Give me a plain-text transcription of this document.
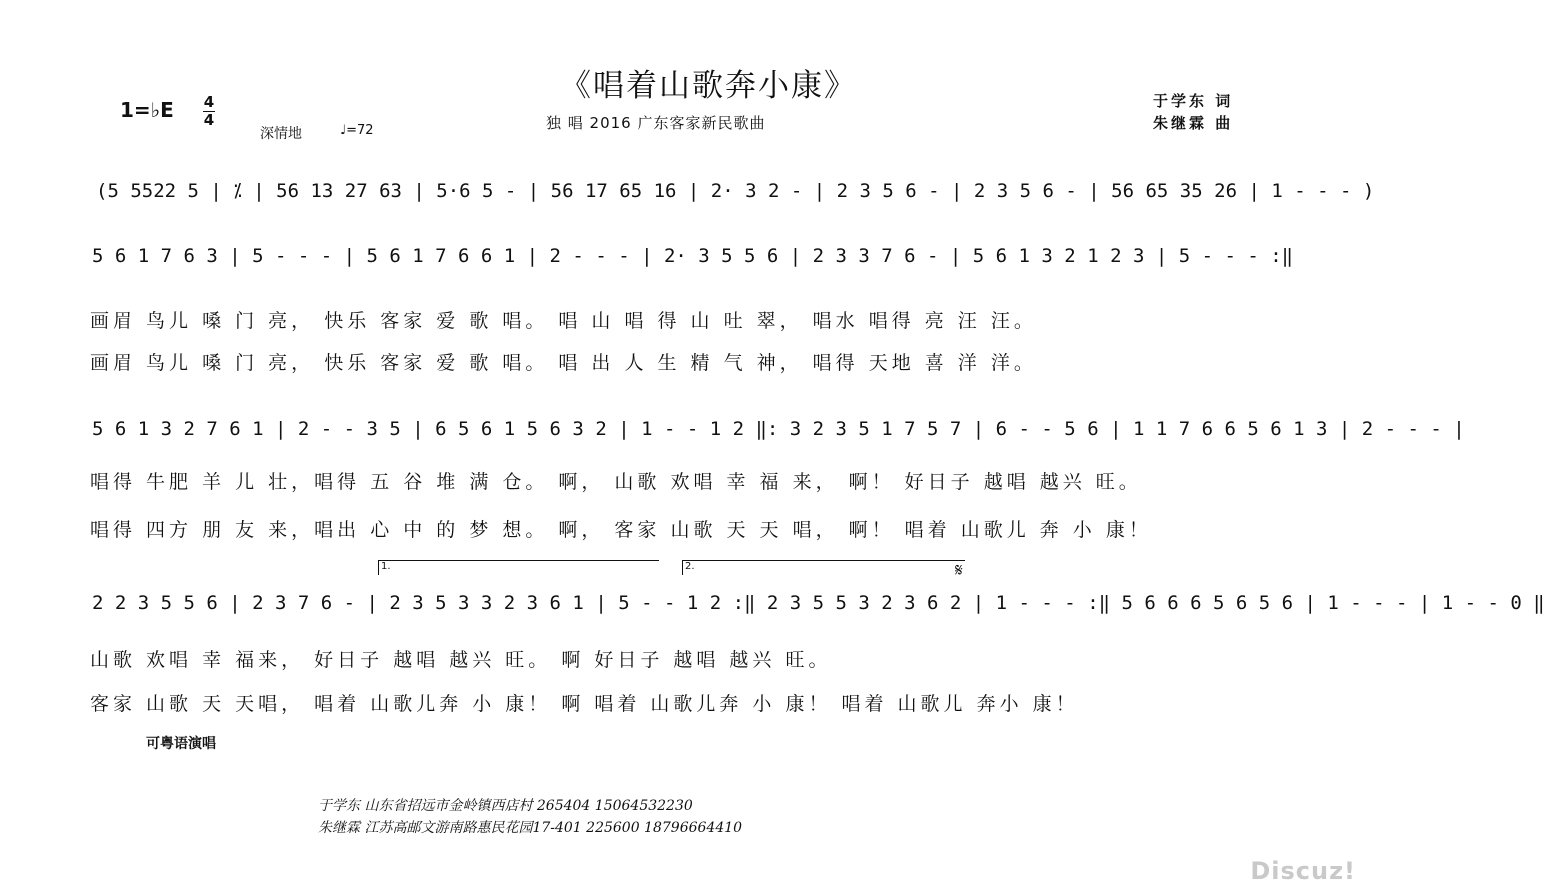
《唱着山歌奔小康》
1=♭E 4
4
深情地	♩=72	独 唱 2016 广东客家新民歌曲
于学东 词
朱继霖 曲
(5 5522 5 | ⁒ | 56 13 27 63 | 5·6 5 - | 56 17 65 16 | 2· 3 2 - | 2 3 5 6 - | 2 3 5 6 - | 56 65 35 26 | 1 - - - )
5 6 1 7 6 3 | 5 - - - | 5 6 1 7 6 6 1 | 2 - - - | 2· 3 5 5 6 | 2 3 3 7 6 - | 5 6 1 3 2 1 2 3 | 5 - - - :‖
画眉 鸟儿 嗓 门 亮， 快乐 客家 爱 歌 唱。 唱 山 唱 得 山 吐 翠， 唱水 唱得 亮 汪 汪。
画眉 鸟儿 嗓 门 亮， 快乐 客家 爱 歌 唱。 唱 出 人 生 精 气 神， 唱得 天地 喜 洋 洋。
5 6 1 3 2 7 6 1 | 2 - - 3 5 | 6 5 6 1 5 6 3 2 | 1 - - 1 2 ‖: 3 2 3 5 1 7 5 7 | 6 - - 5 6 | 1 1 7 6 6 5 6 1 3 | 2 - - - |
唱得 牛肥 羊 儿 壮，唱得 五 谷 堆 满 仓。 啊， 山歌 欢唱 幸 福 来， 啊！ 好日子 越唱 越兴 旺。
唱得 四方 朋 友 来，唱出 心 中 的 梦 想。 啊， 客家 山歌 天 天 唱， 啊！ 唱着 山歌儿 奔 小 康！
1.	2.	𝄋
2 2 3 5 5 6 | 2 3 7 6 - | 2 3 5 3 3 2 3 6 1 | 5 - - 1 2 :‖ 2 3 5 5 3 2 3 6 2 | 1 - - - :‖ 5 6 6 6 5 6 5 6 | 1 - - - | 1 - - 0 ‖
山歌 欢唱 幸 福来， 好日子 越唱 越兴 旺。 啊 好日子 越唱 越兴 旺。
客家 山歌 天 天唱， 唱着 山歌儿奔 小 康！ 啊 唱着 山歌儿奔 小 康！ 唱着 山歌儿 奔小 康！
可粤语演唱
于学东 山东省招远市金岭镇西店村 265404 15064532230
朱继霖 江苏高邮文游南路惠民花园17-401 225600 18796664410
Discuz!
